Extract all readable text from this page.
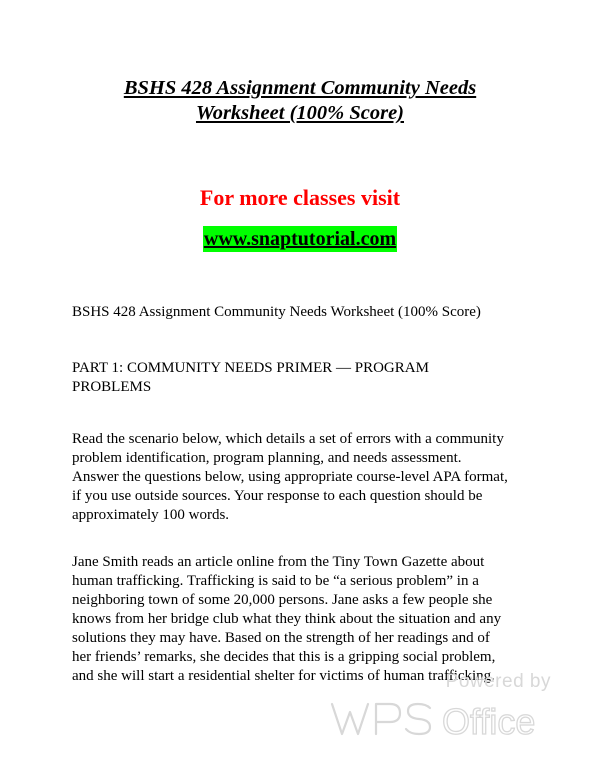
BSHS 428 Assignment Community Needs
Worksheet (100% Score)
For more classes visit
www.snaptutorial.com

BSHS 428 Assignment Community Needs Worksheet (100% Score)

PART 1: COMMUNITY NEEDS PRIMER ― PROGRAM
PROBLEMS

Read the scenario below, which details a set of errors with a community
problem identification, program planning, and needs assessment.
Answer the questions below, using appropriate course-level APA format,
if you use outside sources. Your response to each question should be
approximately 100 words.

Jane Smith reads an article online from the Tiny Town Gazette about
human trafficking. Trafficking is said to be “a serious problem” in a
neighboring town of some 20,000 persons. Jane asks a few people she
knows from her bridge club what they think about the situation and any
solutions they may have. Based on the strength of her readings and of
her friends’ remarks, she decides that this is a gripping social problem,
and she will start a residential shelter for victims of human trafficking.

Powered by
Office
